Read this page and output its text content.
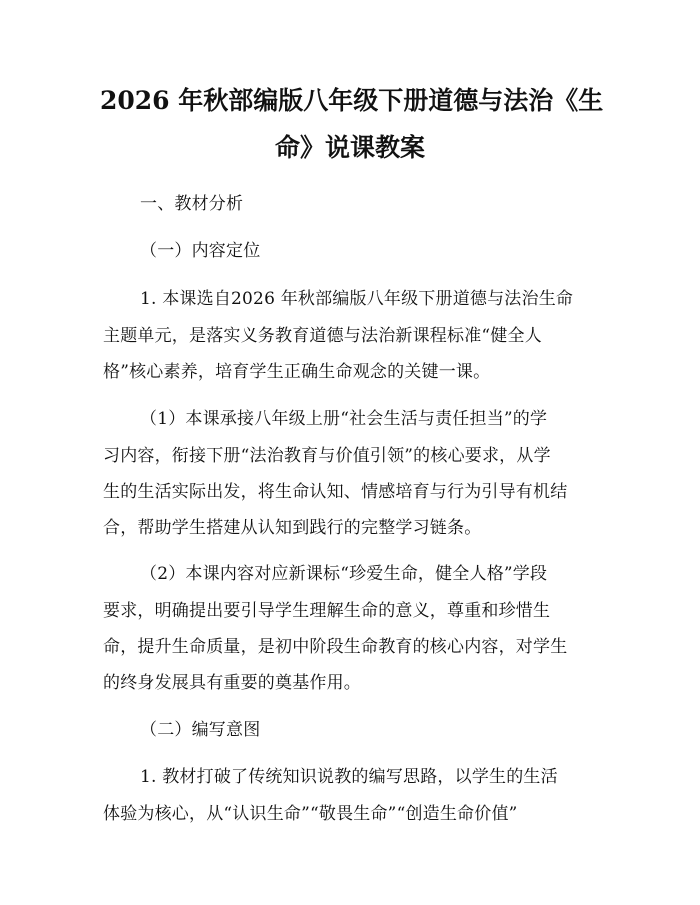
2026 年秋部编版八年级下册道德与法治《生
命》说课教案
一、教材分析
（一）内容定位
1. 本课选自2026 年秋部编版八年级下册道德与法治生命
主题单元，是落实义务教育道德与法治新课程标准“健全人
格”核心素养，培育学生正确生命观念的关键一课。
（1）本课承接八年级上册“社会生活与责任担当”的学
习内容，衔接下册“法治教育与价值引领”的核心要求，从学
生的生活实际出发，将生命认知、情感培育与行为引导有机结
合，帮助学生搭建从认知到践行的完整学习链条。
（2）本课内容对应新课标“珍爱生命，健全人格”学段
要求，明确提出要引导学生理解生命的意义，尊重和珍惜生
命，提升生命质量，是初中阶段生命教育的核心内容，对学生
的终身发展具有重要的奠基作用。
（二）编写意图
1. 教材打破了传统知识说教的编写思路，以学生的生活
体验为核心，从“认识生命”“敬畏生命”“创造生命价值”
